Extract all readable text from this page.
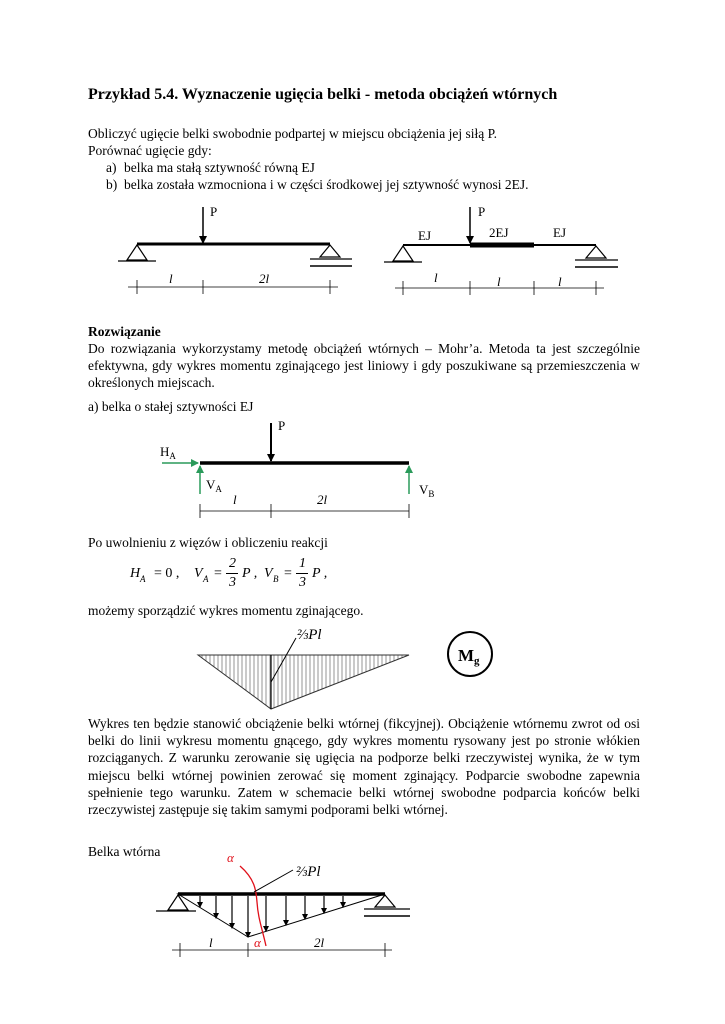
Przykład 5.4. Wyznaczenie ugięcia belki - metoda obciążeń wtórnych
Obliczyć ugięcie belki swobodnie podpartej w miejscu obciążenia jej siłą P.
Porównać ugięcie gdy:
a) belka ma stałą sztywność równą EJ
b) belka została wzmocniona i w części środkowej jej sztywność wynosi 2EJ.
Rozwiązanie
Do rozwiązania wykorzystamy metodę obciążeń wtórnych – Mohr’a. Metoda ta jest szczególnie efektywna, gdy wykres momentu zginającego jest liniowy i gdy poszukiwane są przemieszczenia w określonych miejscach.
a) belka o stałej sztywności EJ
Po uwolnieniu z więzów i obliczeniu reakcji
H A = 0 , V A =
2
3
P , V B =
1
3
P ,
możemy sporządzić wykres momentu zginającego.
Wykres ten będzie stanowić obciążenie belki wtórnej (fikcyjnej). Obciążenie wtórnemu zwrot od osi belki do linii wykresu momentu gnącego, gdy wykres momentu rysowany jest po stronie włókien rozciąganych. Z warunku zerowanie się ugięcia na podporze belki rzeczywistej wynika, że w tym miejscu belki wtórnej powinien zerować się moment zginający. Podparcie swobodne zapewnia spełnienie tego warunku. Zatem w schemacie belki wtórnej swobodne podparcia końców belki rzeczywistej zastępuje się takim samymi podporami belki wtórnej.
Belka wtórna
P
l	2l
P
EJ	2EJ	EJ
l	l	l
P
$H_A$
$V_A$	$V_B$
l	2l
⅔Pl
Mg
α
α
⅔Pl
l	2l
